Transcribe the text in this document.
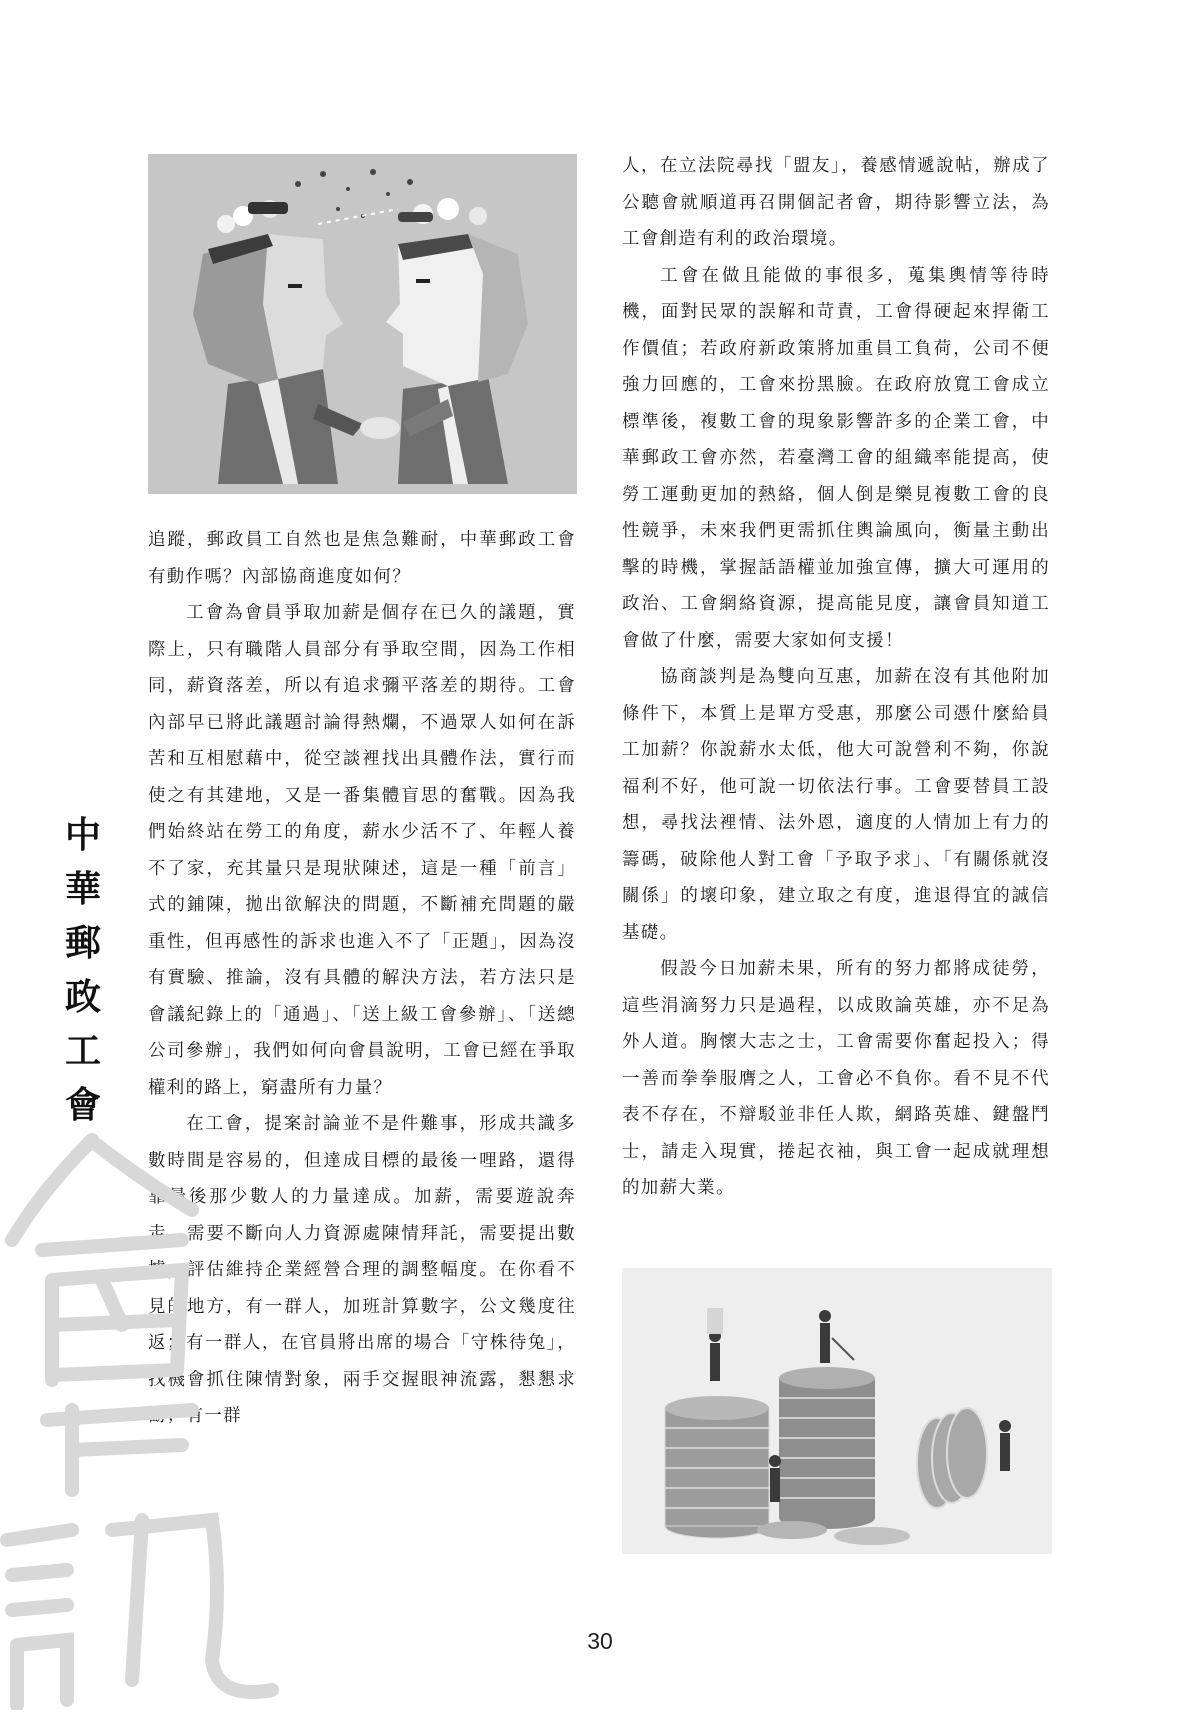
追蹤，郵政員工自然也是焦急難耐，中華郵政工會有動作嗎？內部協商進度如何？

工會為會員爭取加薪是個存在已久的議題，實際上，只有職階人員部分有爭取空間，因為工作相同，薪資落差，所以有追求彌平落差的期待。工會內部早已將此議題討論得熱爛，不過眾人如何在訴苦和互相慰藉中，從空談裡找出具體作法，實行而使之有其建地，又是一番集體盲思的奮戰。因為我們始終站在勞工的角度，薪水少活不了、年輕人養不了家，充其量只是現狀陳述，這是一種「前言」式的鋪陳，拋出欲解決的問題，不斷補充問題的嚴重性，但再感性的訴求也進入不了「正題」，因為沒有實驗、推論，沒有具體的解決方法，若方法只是會議紀錄上的「通過」、「送上級工會參辦」、「送總公司參辦」，我們如何向會員說明，工會已經在爭取權利的路上，窮盡所有力量？

在工會，提案討論並不是件難事，形成共識多數時間是容易的，但達成目標的最後一哩路，還得靠最後那少數人的力量達成。加薪，需要遊說奔走，需要不斷向人力資源處陳情拜託，需要提出數據，評估維持企業經營合理的調整幅度。在你看不見的地方，有一群人，加班計算數字，公文幾度往返；有一群人，在官員將出席的場合「守株待兔」，找機會抓住陳情對象，兩手交握眼神流露，懇懇求勸；有一群

人，在立法院尋找「盟友」，養感情遞說帖，辦成了公聽會就順道再召開個記者會，期待影響立法，為工會創造有利的政治環境。

工會在做且能做的事很多，蒐集輿情等待時機，面對民眾的誤解和苛責，工會得硬起來捍衛工作價值；若政府新政策將加重員工負荷，公司不便強力回應的，工會來扮黑臉。在政府放寬工會成立標準後，複數工會的現象影響許多的企業工會，中華郵政工會亦然，若臺灣工會的組織率能提高，使勞工運動更加的熱絡，個人倒是樂見複數工會的良性競爭，未來我們更需抓住輿論風向，衡量主動出擊的時機，掌握話語權並加強宣傳，擴大可運用的政治、工會網絡資源，提高能見度，讓會員知道工會做了什麼，需要大家如何支援！

協商談判是為雙向互惠，加薪在沒有其他附加條件下，本質上是單方受惠，那麼公司憑什麼給員工加薪？你說薪水太低，他大可說營利不夠，你說福利不好，他可說一切依法行事。工會要替員工設想，尋找法裡情、法外恩，適度的人情加上有力的籌碼，破除他人對工會「予取予求」、「有關係就沒關係」的壞印象，建立取之有度，進退得宜的誠信基礎。

假設今日加薪未果，所有的努力都將成徒勞，這些涓滴努力只是過程，以成敗論英雄，亦不足為外人道。胸懷大志之士，工會需要你奮起投入；得一善而拳拳服膺之人，工會必不負你。看不見不代表不存在，不辯駁並非任人欺，網路英雄、鍵盤鬥士，請走入現實，捲起衣袖，與工會一起成就理想的加薪大業。

中
華
郵
政
工
會
30
